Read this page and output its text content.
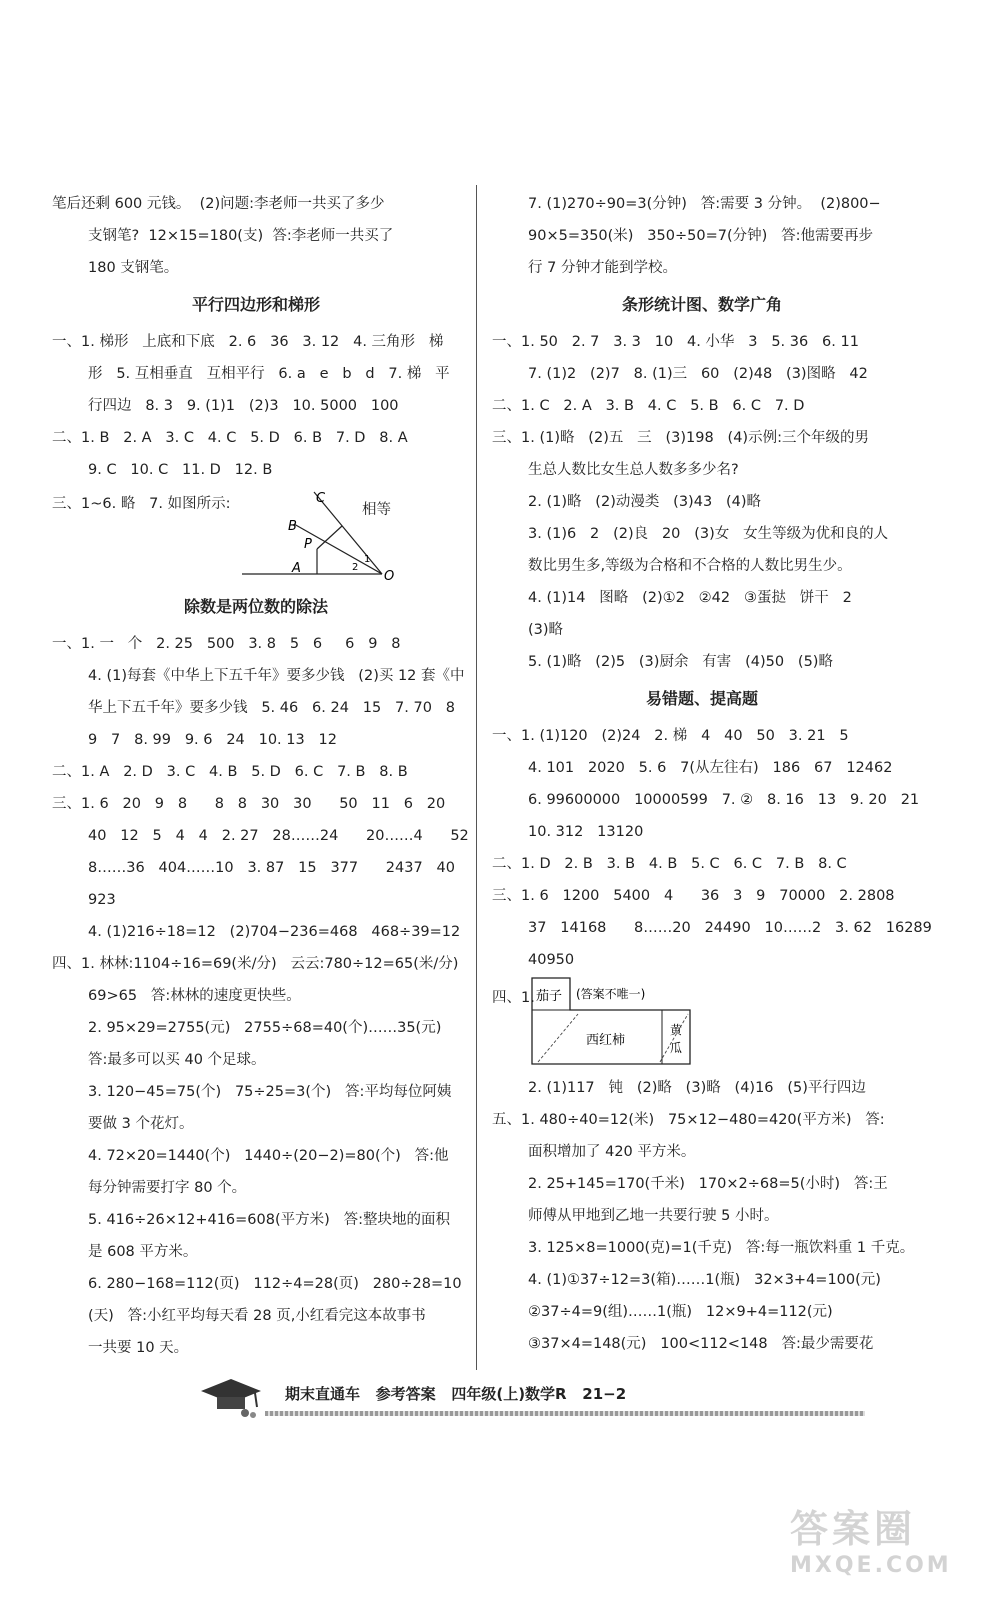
笔后还剩 600 元钱。  (2)问题:李老师一共买了多少
支钢笔?  12×15=180(支)  答:李老师一共买了
180 支钢笔。
平行四边形和梯形
一、1. 梯形   上底和下底   2. 6   36   3. 12   4. 三角形   梯
形   5. 互相垂直   互相平行   6. a   e   b   d   7. 梯   平
行四边   8. 3   9. (1)1   (2)3   10. 5000   100
二、1. B   2. A   3. C   4. C   5. D   6. B   7. D   8. A
9. C   10. C   11. D   12. B
三、1~6. 略   7. 如图所示:	相等
C
B
P
A
O
1
2
除数是两位数的除法
一、1. 一   个   2. 25   500   3. 8   5   6     6   9   8
4. (1)每套《中华上下五千年》要多少钱   (2)买 12 套《中
华上下五千年》要多少钱   5. 46   6. 24   15   7. 70   8
9   7   8. 99   9. 6   24   10. 13   12
二、1. A   2. D   3. C   4. B   5. D   6. C   7. B   8. B
三、1. 6   20   9   8      8   8   30   30      50   11   6   20
40   12   5   4   4   2. 27   28……24      20……4      52
8……36   404……10   3. 87   15   377      2437   40
923
4. (1)216÷18=12   (2)704−236=468   468÷39=12
四、1. 林林:1104÷16=69(米/分)   云云:780÷12=65(米/分)
69>65   答:林林的速度更快些。
2. 95×29=2755(元)   2755÷68=40(个)……35(元)
答:最多可以买 40 个足球。
3. 120−45=75(个)   75÷25=3(个)   答:平均每位阿姨
要做 3 个花灯。
4. 72×20=1440(个)   1440÷(20−2)=80(个)   答:他
每分钟需要打字 80 个。
5. 416÷26×12+416=608(平方米)   答:整块地的面积
是 608 平方米。
6. 280−168=112(页)   112÷4=28(页)   280÷28=10
(天)   答:小红平均每天看 28 页,小红看完这本故事书
一共要 10 天。
7. (1)270÷90=3(分钟)   答:需要 3 分钟。  (2)800−
90×5=350(米)   350÷50=7(分钟)   答:他需要再步
行 7 分钟才能到学校。
条形统计图、数学广角
一、1. 50   2. 7   3. 3   10   4. 小华   3   5. 36   6. 11
7. (1)2   (2)7   8. (1)三   60   (2)48   (3)图略   42
二、1. C   2. A   3. B   4. C   5. B   6. C   7. D
三、1. (1)略   (2)五   三   (3)198   (4)示例:三个年级的男
生总人数比女生总人数多多少名?
2. (1)略   (2)动漫类   (3)43   (4)略
3. (1)6   2   (2)良   20   (3)女   女生等级为优和良的人
数比男生多,等级为合格和不合格的人数比男生少。
4. (1)14   图略   (2)①2   ②42   ③蛋挞   饼干   2
(3)略
5. (1)略   (2)5   (3)厨余   有害   (4)50   (5)略
易错题、提高题
一、1. (1)120   (2)24   2. 梯   4   40   50   3. 21   5
4. 101   2020   5. 6   7(从左往右)   186   67   12462
6. 99600000   10000599   7. ②   8. 16   13   9. 20   21
10. 312   13120
二、1. D   2. B   3. B   4. B   5. C   6. C   7. B   8. C
三、1. 6   1200   5400   4      36   3   9   70000   2. 2808
37   14168      8……20   24490   10……2   3. 62   16289
40950
四、1. 茄子 (答案不唯一)
西红柿
黄
瓜
2. (1)117   钝   (2)略   (3)略   (4)16   (5)平行四边
五、1. 480÷40=12(米)   75×12−480=420(平方米)   答:
面积增加了 420 平方米。
2. 25+145=170(千米)   170×2÷68=5(小时)   答:王
师傅从甲地到乙地一共要行驶 5 小时。
3. 125×8=1000(克)=1(千克)   答:每一瓶饮料重 1 千克。
4. (1)①37÷12=3(箱)……1(瓶)   32×3+4=100(元)
②37÷4=9(组)……1(瓶)   12×9+4=112(元)
③37×4=148(元)   100<112<148   答:最少需要花
期末直通车   参考答案   四年级(上)数学R   21−2
答案圈
MXQE.COM
